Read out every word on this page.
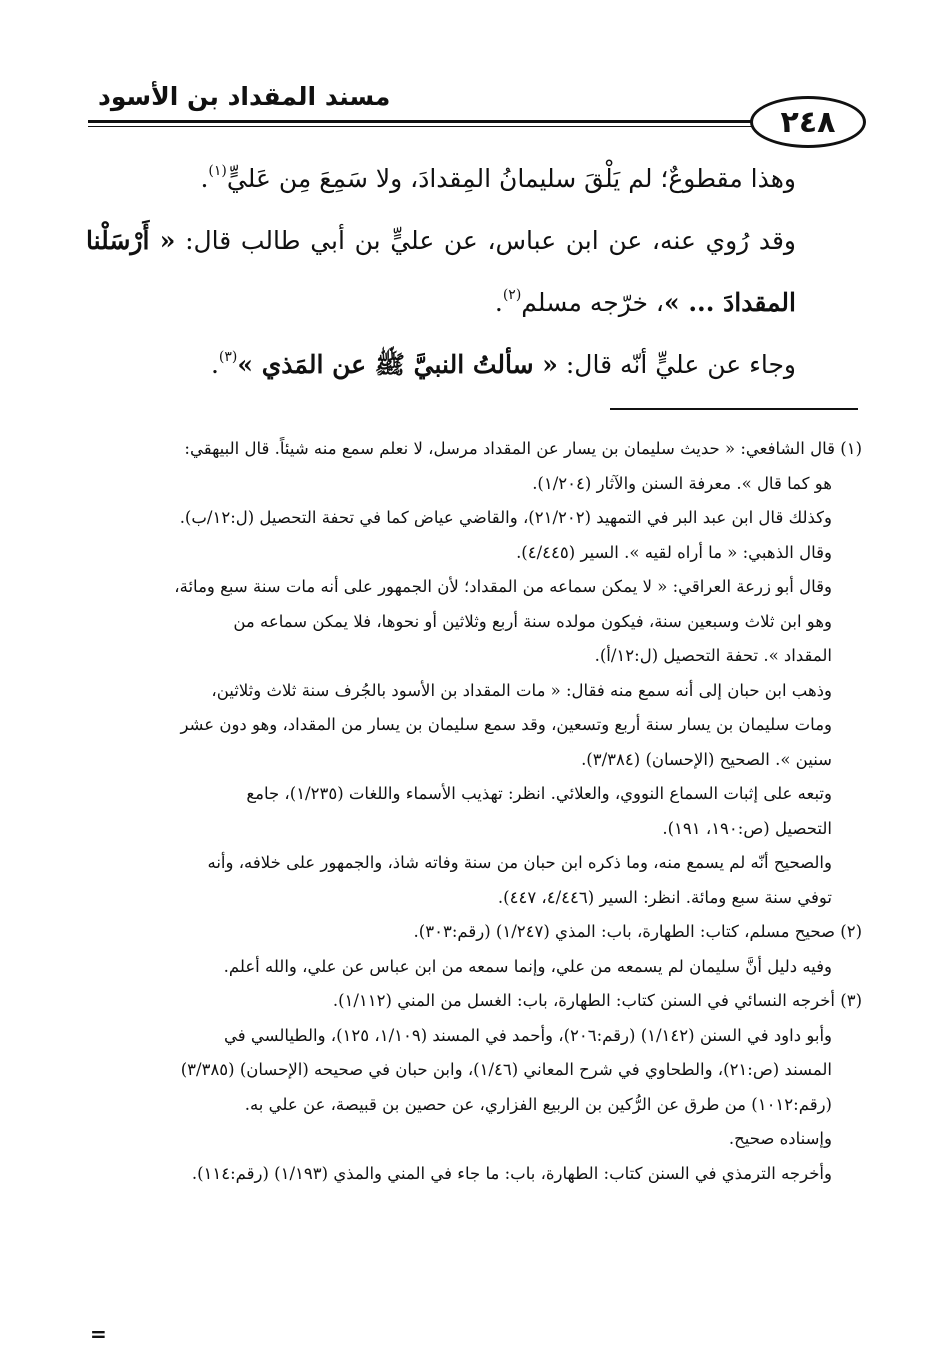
مسند المقداد بن الأسود
٢٤٨

وهذا مقطوعٌ؛ لم يَلْقَ سليمانُ المِقدادَ، ولا سَمِعَ مِن عَليٍّ$^{(١)}$.

وقد رُوي عنه، عن ابن عباس، عن عليٍّ بن أبي طالب قال: « أَرْسَلْنا المقدادَ ... »، خرّجه مسلم$^{(٢)}$.

وجاء عن عليٍّ أنّه قال: « سألتُ النبيَّ ﷺ عن المَذي »$^{(٣)}$.

(١) قال الشافعي: « حديث سليمان بن يسار عن المقداد مرسل، لا نعلم سمع منه شيئاً. قال البيهقي:

هو كما قال ». معرفة السنن والآثار (١/٢٠٤).

وكذلك قال ابن عبد البر في التمهيد (٢١/٢٠٢)، والقاضي عياض كما في تحفة التحصيل (ل:١٢/ب).

وقال الذهبي: « ما أراه لقيه ». السير (٤/٤٤٥).

وقال أبو زرعة العراقي: « لا يمكن سماعه من المقداد؛ لأن الجمهور على أنه مات سنة سبع ومائة،

وهو ابن ثلاث وسبعين سنة، فيكون مولده سنة أربع وثلاثين أو نحوها، فلا يمكن سماعه من

المقداد ». تحفة التحصيل (ل:١٢/أ).

وذهب ابن حبان إلى أنه سمع منه فقال: « مات المقداد بن الأسود بالجُرف سنة ثلاث وثلاثين،

ومات سليمان بن يسار سنة أربع وتسعين، وقد سمع سليمان بن يسار من المقداد، وهو دون عشر

سنين ». الصحيح (الإحسان) (٣/٣٨٤).

وتبعه على إثبات السماع النووي، والعلائي. انظر: تهذيب الأسماء واللغات (١/٢٣٥)، جامع

التحصيل (ص:١٩٠، ١٩١).

والصحيح أنّه لم يسمع منه، وما ذكره ابن حبان من سنة وفاته شاذ، والجمهور على خلافه، وأنه

توفي سنة سبع ومائة. انظر: السير (٤/٤٤٦، ٤٤٧).

(٢) صحيح مسلم، كتاب: الطهارة، باب: المذي (١/٢٤٧) (رقم:٣٠٣).

وفيه دليل أنَّ سليمان لم يسمعه من علي، وإنما سمعه من ابن عباس عن علي، والله أعلم.

(٣) أخرجه النسائي في السنن كتاب: الطهارة، باب: الغسل من المني (١/١١٢).

وأبو داود في السنن (١/١٤٢) (رقم:٢٠٦)، وأحمد في المسند (١/١٠٩، ١٢٥)، والطيالسي في

المسند (ص:٢١)، والطحاوي في شرح المعاني (١/٤٦)، وابن حبان في صحيحه (الإحسان) (٣/٣٨٥)

(رقم:١٠١٢) من طرق عن الرُّكين بن الربيع الفزاري، عن حصين بن قبيصة، عن علي به.

وإسناده صحيح.

وأخرجه الترمذي في السنن كتاب: الطهارة، باب: ما جاء في المني والمذي (١/١٩٣) (رقم:١١٤).

=
